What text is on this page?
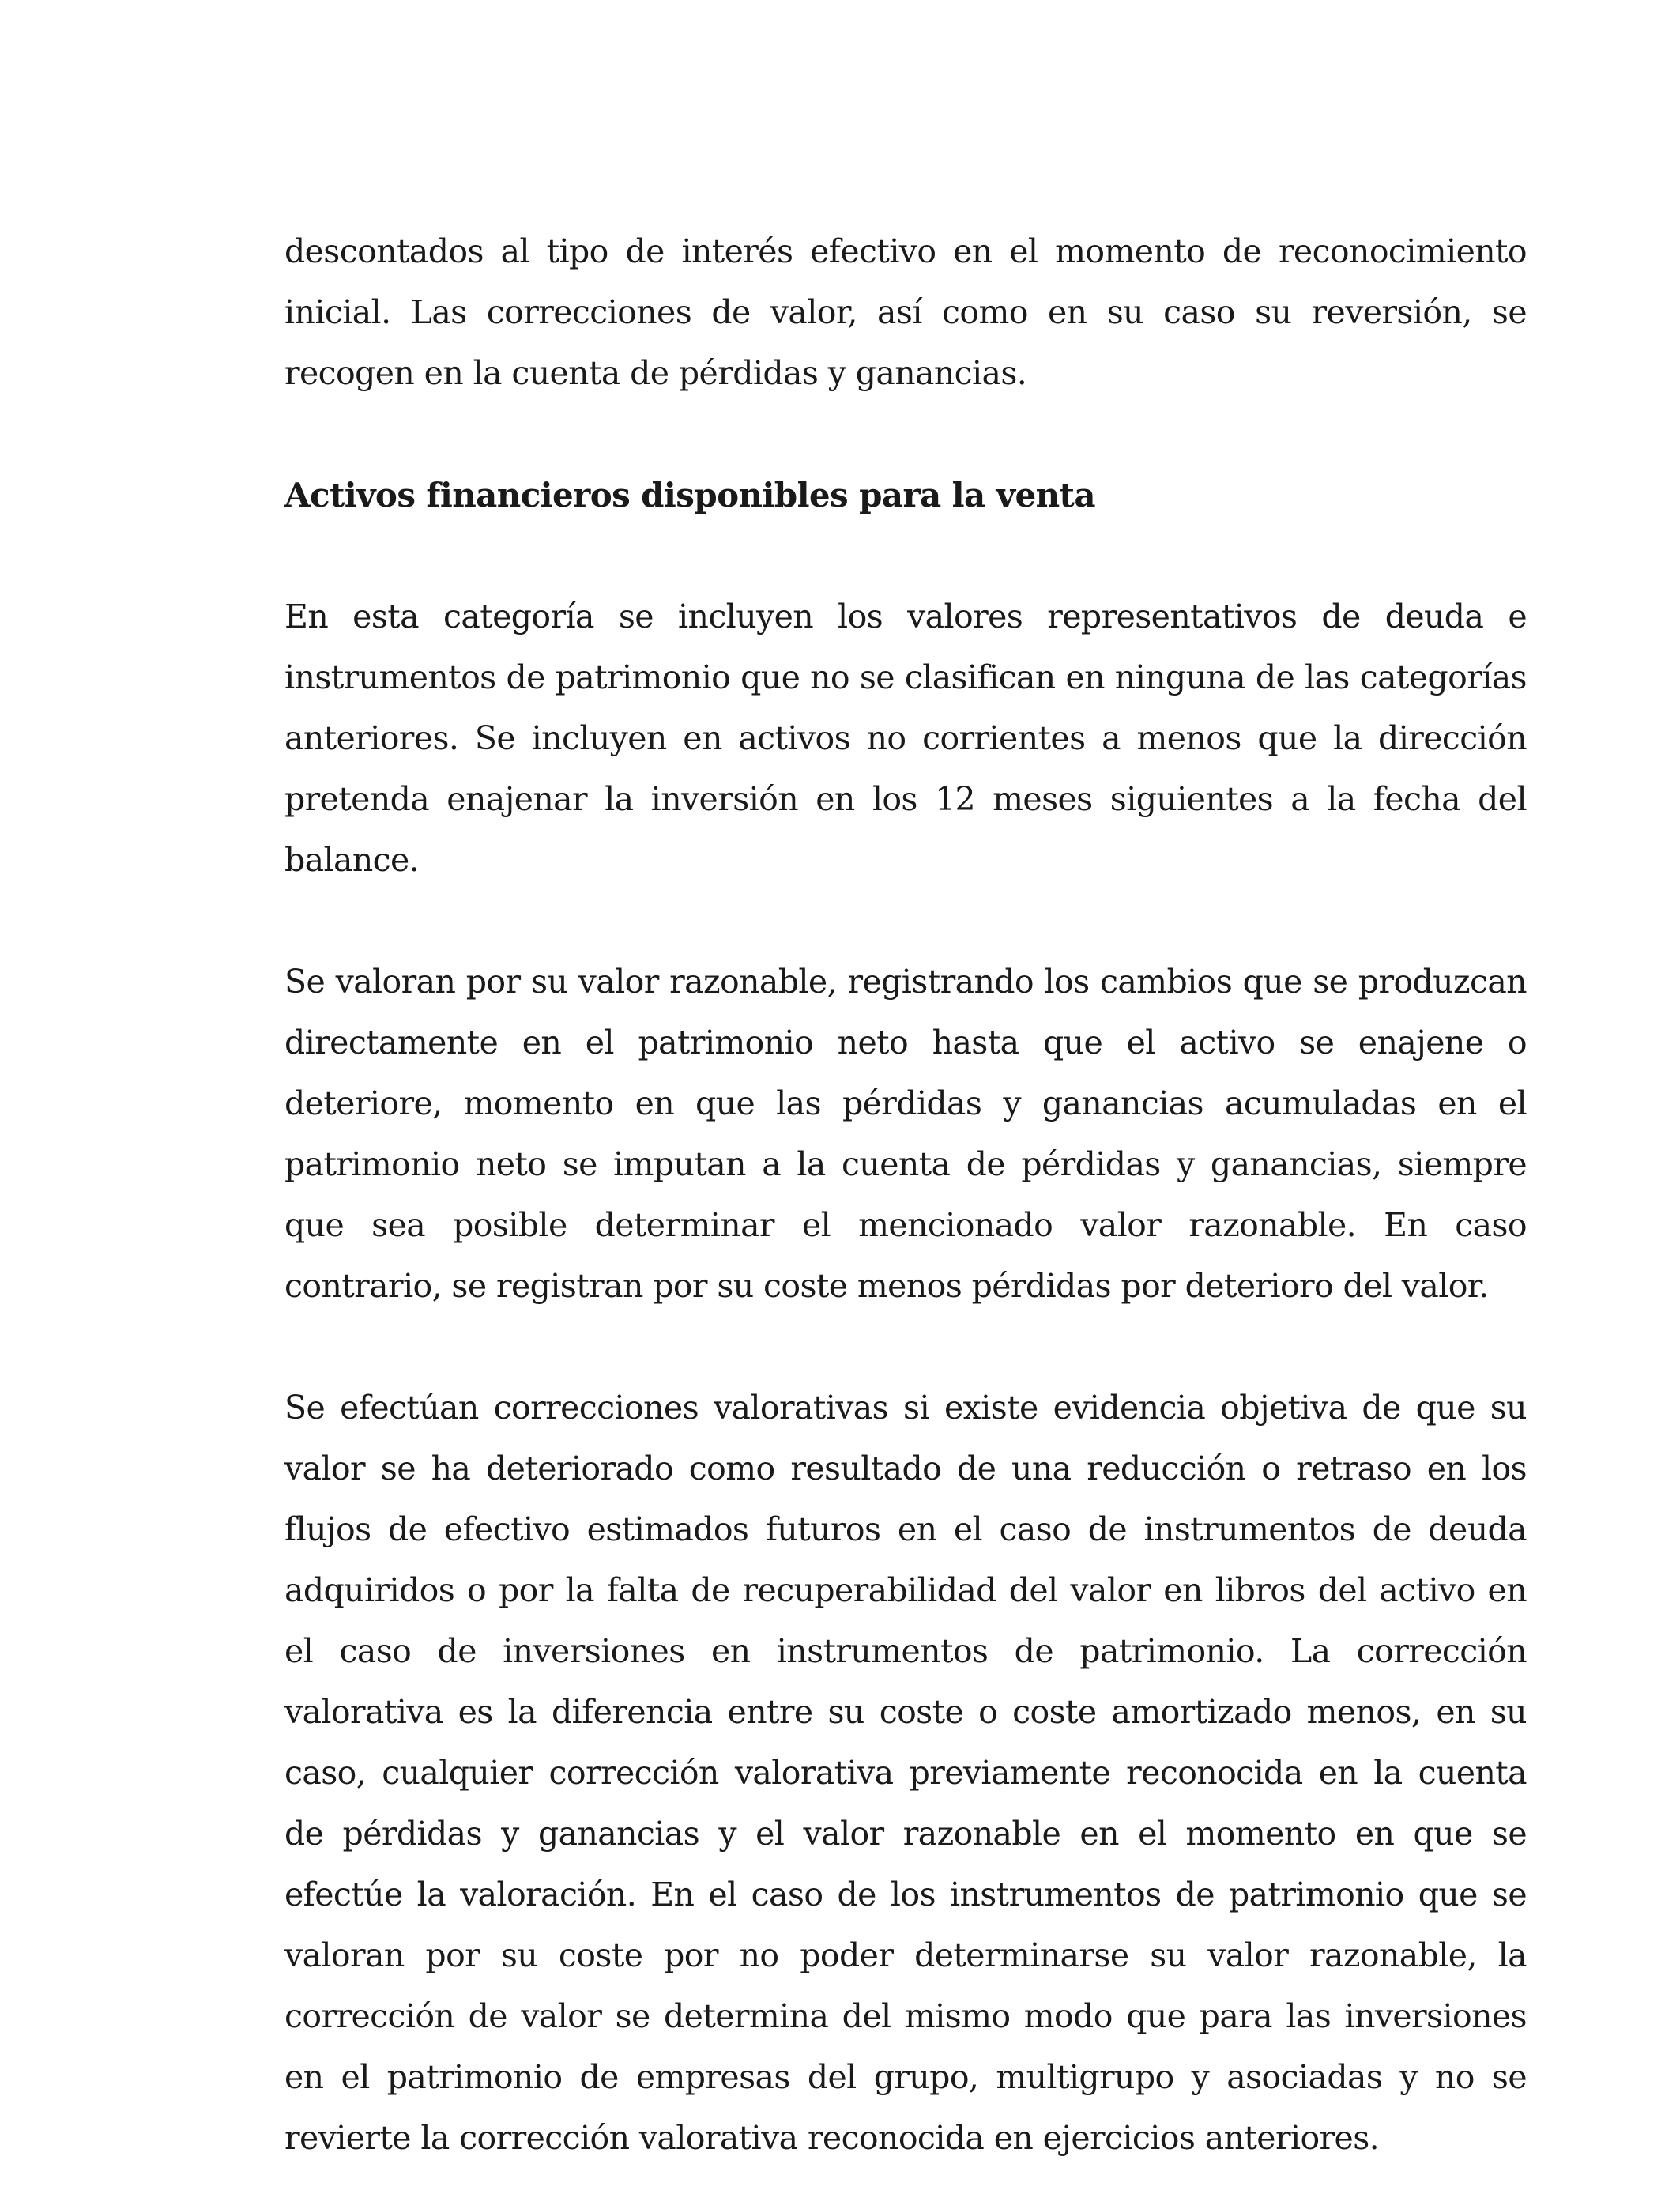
descontados al tipo de interés efectivo en el momento de reconocimiento inicial. Las correcciones de valor, así como en su caso su reversión, se recogen en la cuenta de pérdidas y ganancias.

Activos financieros disponibles para la venta

En esta categoría se incluyen los valores representativos de deuda e instrumentos de patrimonio que no se clasifican en ninguna de las categorías anteriores. Se incluyen en activos no corrientes a menos que la dirección pretenda enajenar la inversión en los 12 meses siguientes a la fecha del balance.

Se valoran por su valor razonable, registrando los cambios que se produzcan directamente en el patrimonio neto hasta que el activo se enajene o deteriore, momento en que las pérdidas y ganancias acumuladas en el patrimonio neto se imputan a la cuenta de pérdidas y ganancias, siempre que sea posible determinar el mencionado valor razonable. En caso contrario, se registran por su coste menos pérdidas por deterioro del valor.

Se efectúan correcciones valorativas si existe evidencia objetiva de que su valor se ha deteriorado como resultado de una reducción o retraso en los flujos de efectivo estimados futuros en el caso de instrumentos de deuda adquiridos o por la falta de recuperabilidad del valor en libros del activo en el caso de inversiones en instrumentos de patrimonio. La corrección valorativa es la diferencia entre su coste o coste amortizado menos, en su caso, cualquier corrección valorativa previamente reconocida en la cuenta de pérdidas y ganancias y el valor razonable en el momento en que se efectúe la valoración. En el caso de los instrumentos de patrimonio que se valoran por su coste por no poder determinarse su valor razonable, la corrección de valor se determina del mismo modo que para las inversiones en el patrimonio de empresas del grupo, multigrupo y asociadas y no se revierte la corrección valorativa reconocida en ejercicios anteriores.
